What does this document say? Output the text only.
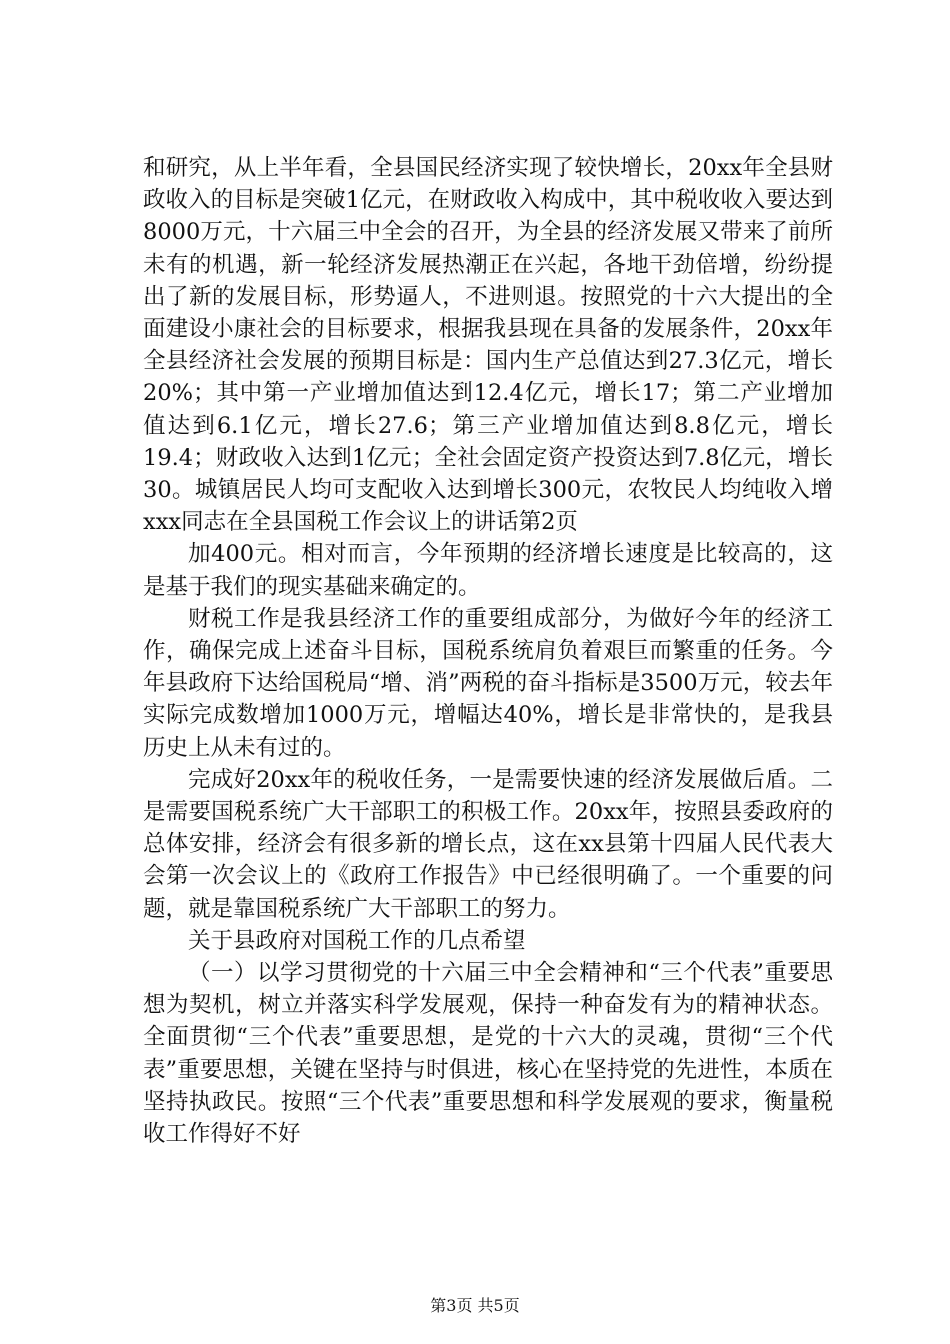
和研究，从上半年看，全县国民经济实现了较快增长，20xx年全县财政收入的目标是突破1亿元，在财政收入构成中，其中税收收入要达到8000万元，十六届三中全会的召开，为全县的经济发展又带来了前所未有的机遇，新一轮经济发展热潮正在兴起，各地干劲倍增，纷纷提出了新的发展目标，形势逼人，不进则退。按照党的十六大提出的全面建设小康社会的目标要求，根据我县现在具备的发展条件，20xx年全县经济社会发展的预期目标是：国内生产总值达到27.3亿元，增长20%；其中第一产业增加值达到12.4亿元，增长17；第二产业增加值达到6.1亿元，增长27.6；第三产业增加值达到8.8亿元，增长19.4；财政收入达到1亿元；全社会固定资产投资达到7.8亿元，增长30。城镇居民人均可支配收入达到增长300元，农牧民人均纯收入增xxx同志在全县国税工作会议上的讲话第2页

加400元。相对而言，今年预期的经济增长速度是比较高的，这是基于我们的现实基础来确定的。

财税工作是我县经济工作的重要组成部分，为做好今年的经济工作，确保完成上述奋斗目标，国税系统肩负着艰巨而繁重的任务。今年县政府下达给国税局“增、消”两税的奋斗指标是3500万元，较去年实际完成数增加1000万元，增幅达40%，增长是非常快的，是我县历史上从未有过的。

完成好20xx年的税收任务，一是需要快速的经济发展做后盾。二是需要国税系统广大干部职工的积极工作。20xx年，按照县委政府的总体安排，经济会有很多新的增长点，这在xx县第十四届人民代表大会第一次会议上的《政府工作报告》中已经很明确了。一个重要的问题，就是靠国税系统广大干部职工的努力。

关于县政府对国税工作的几点希望

（一）以学习贯彻党的十六届三中全会精神和“三个代表”重要思想为契机，树立并落实科学发展观，保持一种奋发有为的精神状态。全面贯彻“三个代表”重要思想，是党的十六大的灵魂，贯彻“三个代表”重要思想，关键在坚持与时俱进，核心在坚持党的先进性，本质在坚持执政民。按照“三个代表”重要思想和科学发展观的要求，衡量税收工作得好不好

第3页 共5页
